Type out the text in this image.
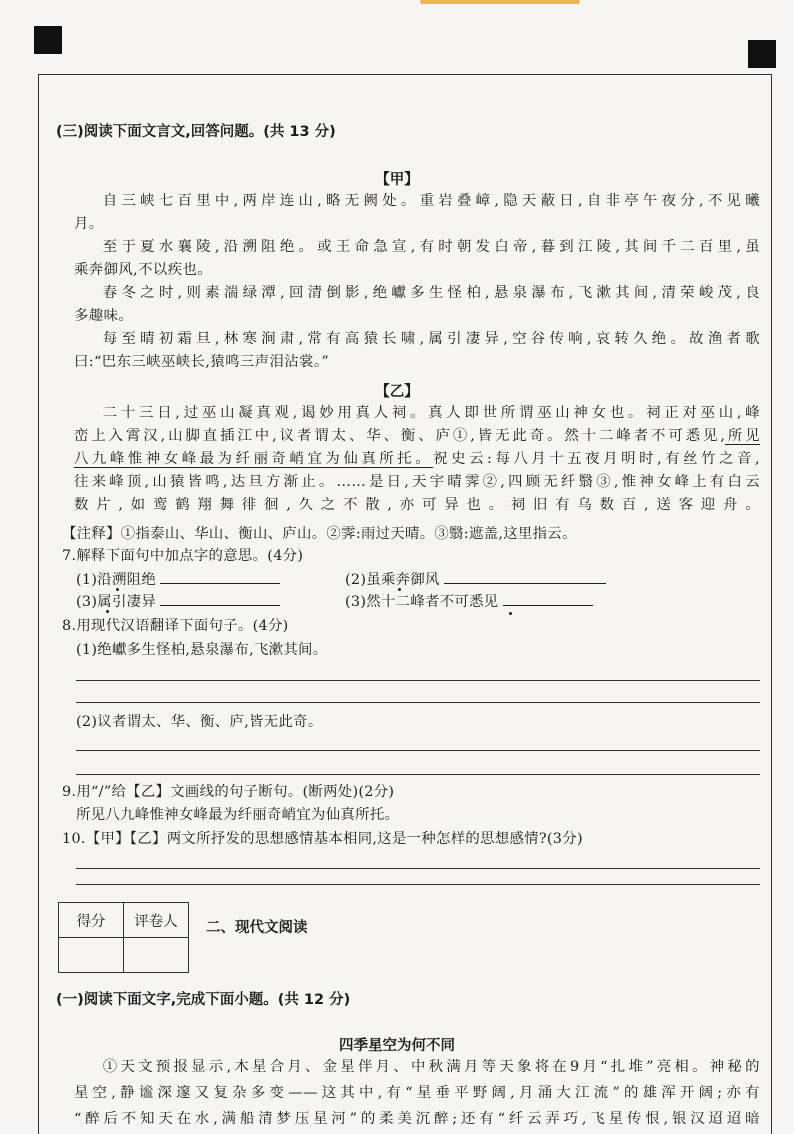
(三)阅读下面文言文,回答问题。(共 13 分)
【甲】

自三峡七百里中,两岸连山,略无阙处。重岩叠嶂,隐天蔽日,自非亭午夜分,不见曦

月。

至于夏水襄陵,沿溯阻绝。或王命急宣,有时朝发白帝,暮到江陵,其间千二百里,虽

乘奔御风,不以疾也。

春冬之时,则素湍绿潭,回清倒影,绝巘多生怪柏,悬泉瀑布,飞漱其间,清荣峻茂,良

多趣味。

每至晴初霜旦,林寒涧肃,常有高猿长啸,属引凄异,空谷传响,哀转久绝。故渔者歌

曰:“巴东三峡巫峡长,猿鸣三声泪沾裳。”

【乙】

二十三日,过巫山凝真观,谒妙用真人祠。真人即世所谓巫山神女也。祠正对巫山,峰

峦上入霄汉,山脚直插江中,议者谓太、华、衡、庐①,皆无此奇。然十二峰者不可悉见,所见

八九峰惟神女峰最为纤丽奇峭宜为仙真所托。祝史云:每八月十五夜月明时,有丝竹之音,

往来峰顶,山猿皆鸣,达旦方渐止。……是日,天宇晴霁②,四顾无纤翳③,惟神女峰上有白云

数片,如鸾鹤翔舞徘徊,久之不散,亦可异也。祠旧有乌数百,送客迎舟。

【注释】①指泰山、华山、衡山、庐山。②霁:雨过天晴。③翳:遮盖,这里指云。
7.解释下面句中加点字的意思。(4分)
(1)沿溯阻绝	(2)虽乘奔御风
(3)属引凄异	(3)然十二峰者不可悉见
8.用现代汉语翻译下面句子。(4分)
(1)绝巘多生怪柏,悬泉瀑布,飞漱其间。
(2)议者谓太、华、衡、庐,皆无此奇。
9.用“/”给【乙】文画线的句子断句。(断两处)(2分)
所见八九峰惟神女峰最为纤丽奇峭宜为仙真所托。
10.【甲】【乙】两文所抒发的思想感情基本相同,这是一种怎样的思想感情?(3分)
得分	评卷人
	二、现代文阅读
(一)阅读下面文字,完成下面小题。(共 12 分)
四季星空为何不同

①天文预报显示,木星合月、金星伴月、中秋满月等天象将在9月“扎堆”亮相。神秘的

星空,静谧深邃又复杂多变——这其中,有“星垂平野阔,月涌大江流”的雄浑开阔;亦有

“醉后不知天在水,满船清梦压星河”的柔美沉醉;还有“纤云弄巧,飞星传恨,银汉迢迢暗
